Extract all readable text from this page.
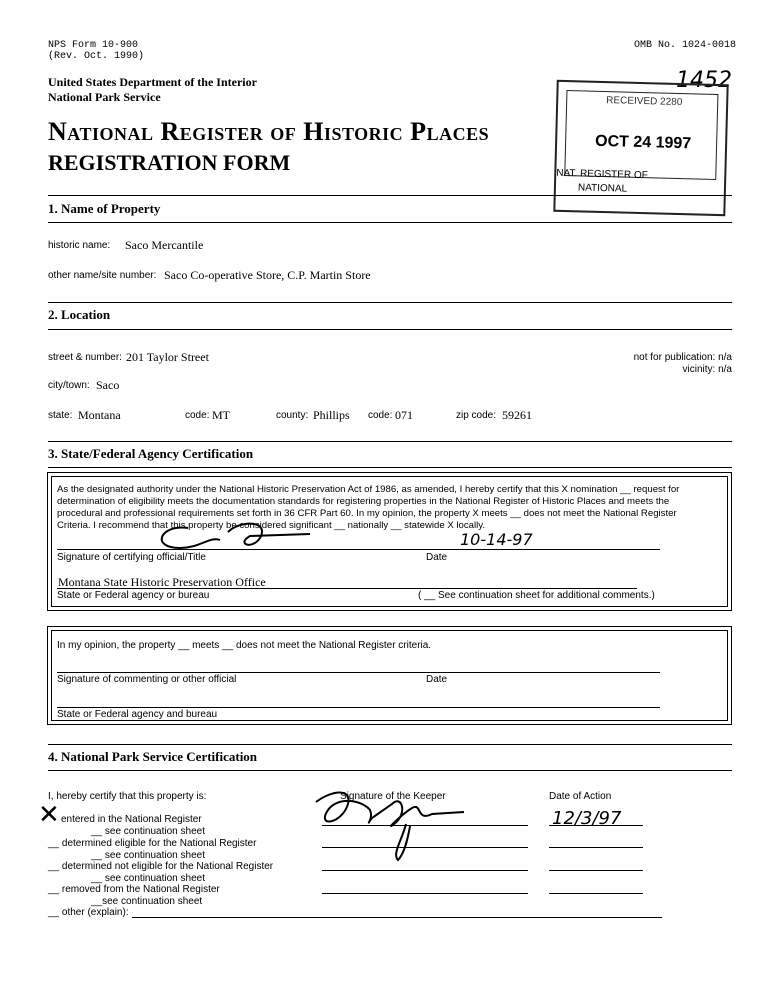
NPS Form 10-900
(Rev. Oct. 1990)
OMB No. 1024-0018
United States Department of the Interior
National Park Service
National Register of Historic Places
REGISTRATION FORM
1452
RECEIVED 2280
OCT 24 1997
NAT. REGISTER OF
NATIONAL
1. Name of Property
historic name: Saco Mercantile
other name/site number: Saco Co-operative Store, C.P. Martin Store
2. Location
street & number: 201 Taylor Street	not for publication: n/a
vicinity: n/a
city/town: Saco
state: Montana	code: MT	county: Phillips code: 071	zip code: 59261
3. State/Federal Agency Certification
As the designated authority under the National Historic Preservation Act of 1986, as amended, I hereby certify that this X nomination __ request for
determination of eligibility meets the documentation standards for registering properties in the National Register of Historic Places and meets the
procedural and professional requirements set forth in 36 CFR Part 60. In my opinion, the property X meets __ does not meet the National Register
Criteria. I recommend that this property be considered significant __ nationally __ statewide X locally.
Signature of certifying official/Title	Date
10-14-97
Montana State Historic Preservation Office
State or Federal agency or bureau	( __ See continuation sheet for additional comments.)
In my opinion, the property __ meets __ does not meet the National Register criteria.
Signature of commenting or other official	Date
State or Federal agency and bureau
4. National Park Service Certification
I, hereby certify that this property is:	Signature of the Keeper	Date of Action
✕ entered in the National Register
__ see continuation sheet
__ determined eligible for the National Register
__ see continuation sheet
__ determined not eligible for the National Register
__ see continuation sheet
__ removed from the National Register
__see continuation sheet
__ other (explain):
12/3/97
